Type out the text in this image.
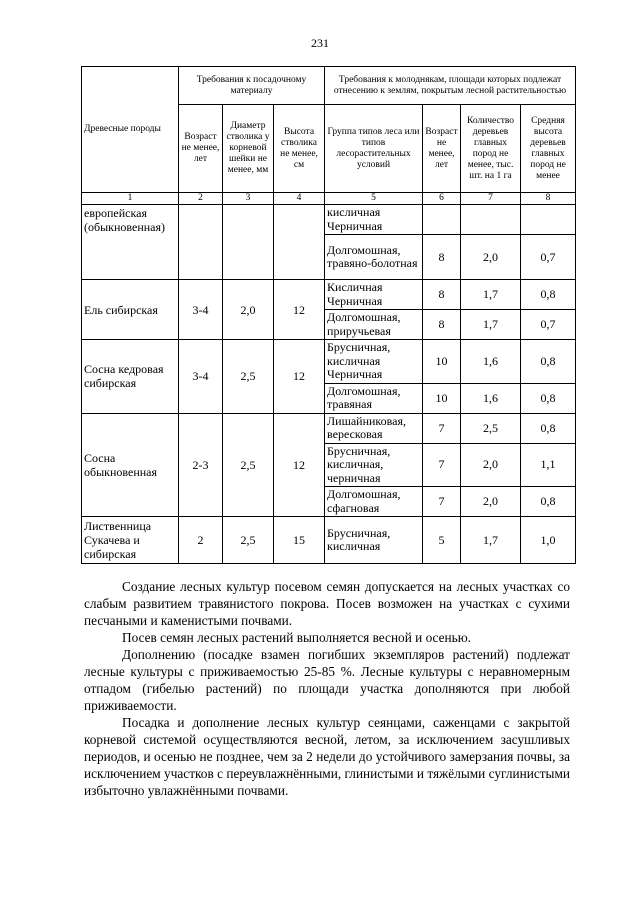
231
Древесные породы	Требования к посадочному материалу			Требования к молоднякам, площади которых подлежат отнесению к землям, покрытым лесной растительностью			
	Возраст не менее, лет	Диаметр стволика у корневой шейки не менее, мм	Высота стволика не менее, см	Группа типов леса или типов лесорастительных условий	Возраст не менее, лет	Количество деревьев главных пород не менее, тыс. шт. на 1 га	Средняя высота деревьев главных пород не менее
1	2	3	4	5	6	7	8
европейская (обыкновенная)				кисличная Черничная			
				Долгомошная, травяно-болотная	8	2,0	0,7
Ель сибирская	3-4	2,0	12	Кисличная Черничная	8	1,7	0,8
				Долгомошная, приручьевая	8	1,7	0,7
Сосна кедровая сибирская	3-4	2,5	12	Брусничная, кисличная Черничная	10	1,6	0,8
				Долгомошная, травяная	10	1,6	0,8
Сосна обыкновенная	2-3	2,5	12	Лишайниковая, вересковая	7	2,5	0,8
				Брусничная, кисличная, черничная	7	2,0	1,1
				Долгомошная, сфагновая	7	2,0	0,8
Лиственница Сукачева и сибирская	2	2,5	15	Брусничная, кисличная	5	1,7	1,0

Создание лесных культур посевом семян допускается на лесных участках со слабым развитием травянистого покрова. Посев возможен на участках с сухими песчаными и каменистыми почвами.

Посев семян лесных растений выполняется весной и осенью.

Дополнению (посадке взамен погибших экземпляров растений) подлежат лесные культуры с приживаемостью 25-85 %. Лесные культуры с неравномерным отпадом (гибелью растений) по площади участка дополняются при любой приживаемости.

Посадка и дополнение лесных культур сеянцами, саженцами с закрытой корневой системой осуществляются весной, летом, за исключением засушливых периодов, и осенью не позднее, чем за 2 недели до устойчивого замерзания почвы, за исключением участков с переувлажнёнными, глинистыми и тяжёлыми суглинистыми избыточно увлажнёнными почвами.
